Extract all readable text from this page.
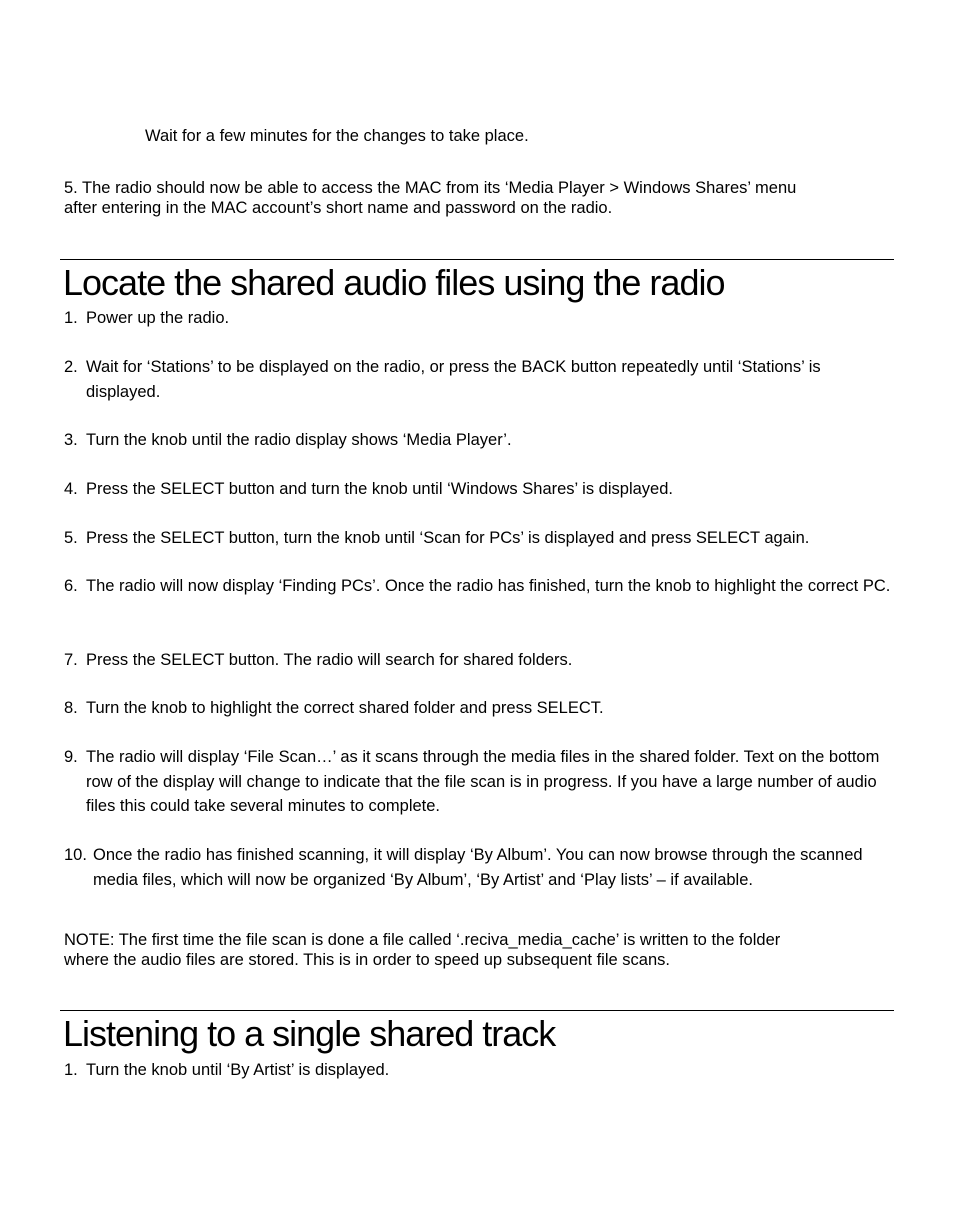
Wait for a few minutes for the changes to take place.

5. The radio should now be able to access the MAC from its ‘Media Player > Windows Shares’ menu

after entering in the MAC account’s short name and password on the radio.

Locate the shared audio files using the radio
1. Power up the radio.
2. Wait for ‘Stations’ to be displayed on the radio, or press the BACK button repeatedly until ‘Stations’ is displayed.
3. Turn the knob until the radio display shows ‘Media Player’.
4. Press the SELECT button and turn the knob until ‘Windows Shares’ is displayed.
5. Press the SELECT button, turn the knob until ‘Scan for PCs’ is displayed and press SELECT again.
6. The radio will now display ‘Finding PCs’. Once the radio has finished, turn the knob to highlight the correct PC.
7. Press the SELECT button. The radio will search for shared folders.
8. Turn the knob to highlight the correct shared folder and press SELECT.
9. The radio will display ‘File Scan…’ as it scans through the media files in the shared folder. Text on the bottom row of the display will change to indicate that the file scan is in progress. If you have a large number of audio files this could take several minutes to complete.
10. Once the radio has finished scanning, it will display ‘By Album’. You can now browse through the scanned media files, which will now be organized ‘By Album’, ‘By Artist’ and ‘Play lists’ – if available.

NOTE: The first time the file scan is done a file called ‘.reciva_media_cache’ is written to the folder

where the audio files are stored. This is in order to speed up subsequent file scans.

Listening to a single shared track
1. Turn the knob until ‘By Artist’ is displayed.
